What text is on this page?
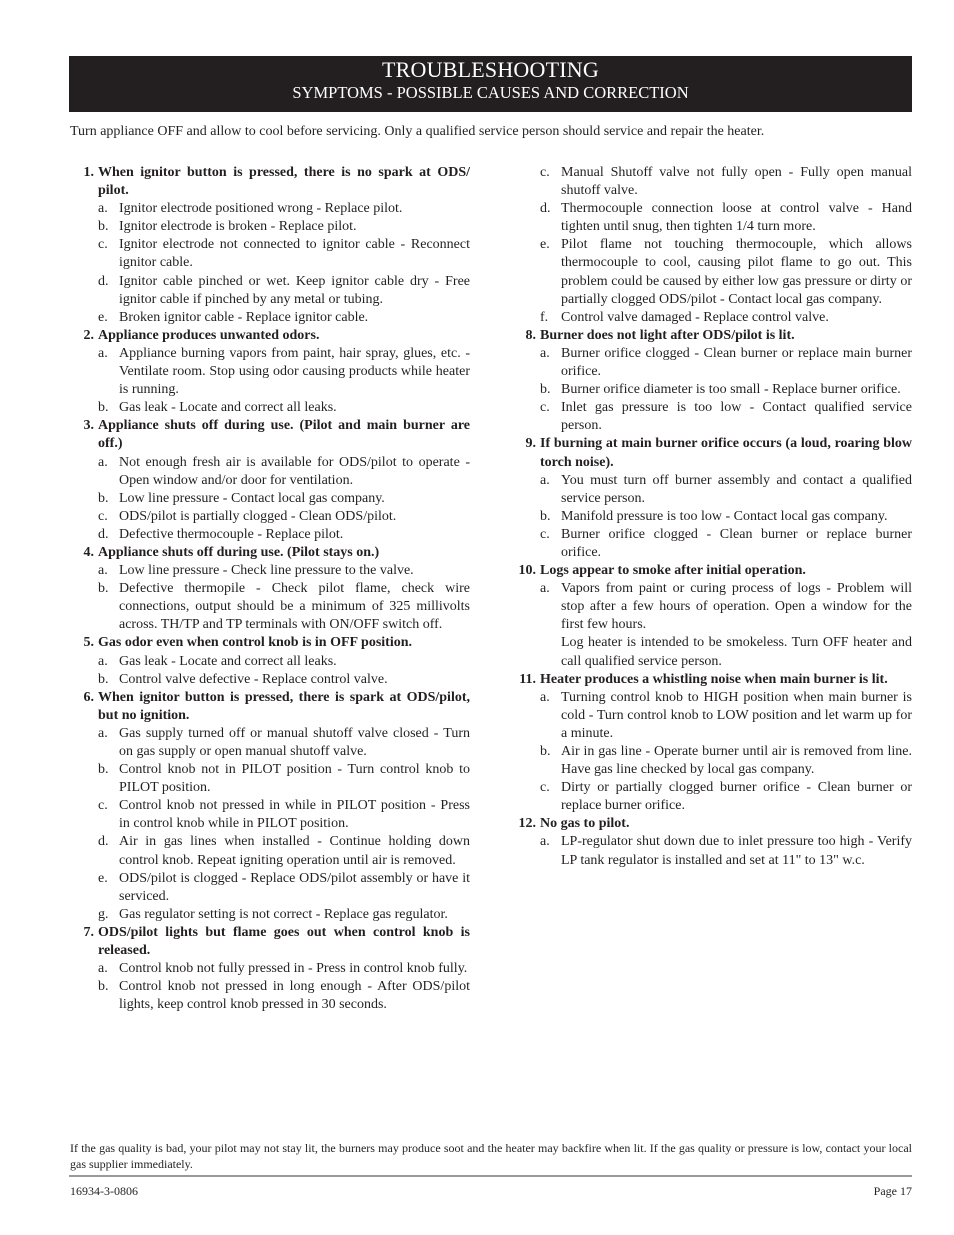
TROUBLESHOOTING
SYMPTOMS - POSSIBLE CAUSES AND CORRECTION
Turn appliance OFF and allow to cool before servicing. Only a qualified service person should service and repair the heater.
1. When ignitor button is pressed, there is no spark at ODS/ pilot.
a. Ignitor electrode positioned wrong - Replace pilot.
b. Ignitor electrode is broken - Replace pilot.
c. Ignitor electrode not connected to ignitor cable - Reconnect ignitor cable.
d. Ignitor cable pinched or wet. Keep ignitor cable dry - Free ignitor cable if pinched by any metal or tubing.
e. Broken ignitor cable - Replace ignitor cable.
2. Appliance produces unwanted odors.
a. Appliance burning vapors from paint, hair spray, glues, etc. - Ventilate room. Stop using odor causing products while heater is running.
b. Gas leak - Locate and correct all leaks.
3. Appliance shuts off during use. (Pilot and main burner are off.)
a. Not enough fresh air is available for ODS/pilot to operate - Open window and/or door for ventilation.
b. Low line pressure - Contact local gas company.
c. ODS/pilot is partially clogged - Clean ODS/pilot.
d. Defective thermocouple - Replace pilot.
4. Appliance shuts off during use. (Pilot stays on.)
a. Low line pressure - Check line pressure to the valve.
b. Defective thermopile - Check pilot flame, check wire connections, output should be a minimum of 325 millivolts across. TH/TP and TP terminals with ON/OFF switch off.
5. Gas odor even when control knob is in OFF position.
a. Gas leak - Locate and correct all leaks.
b. Control valve defective - Replace control valve.
6. When ignitor button is pressed, there is spark at ODS/pilot, but no ignition.
a. Gas supply turned off or manual shutoff valve closed - Turn on gas supply or open manual shutoff valve.
b. Control knob not in PILOT position - Turn control knob to PILOT position.
c. Control knob not pressed in while in PILOT position - Press in control knob while in PILOT position.
d. Air in gas lines when installed - Continue holding down control knob. Repeat igniting operation until air is removed.
e. ODS/pilot is clogged - Replace ODS/pilot assembly or have it serviced.
g. Gas regulator setting is not correct - Replace gas regulator.
7. ODS/pilot lights but flame goes out when control knob is released.
a. Control knob not fully pressed in - Press in control knob fully.
b. Control knob not pressed in long enough - After ODS/pilot lights, keep control knob pressed in 30 seconds.
c. Manual Shutoff valve not fully open - Fully open manual shutoff valve.
d. Thermocouple connection loose at control valve - Hand tighten until snug, then tighten 1/4 turn more.
e. Pilot flame not touching thermocouple, which allows thermocouple to cool, causing pilot flame to go out. This problem could be caused by either low gas pressure or dirty or partially clogged ODS/pilot - Contact local gas company.
f. Control valve damaged - Replace control valve.
8. Burner does not light after ODS/pilot is lit.
a. Burner orifice clogged - Clean burner or replace main burner orifice.
b. Burner orifice diameter is too small - Replace burner orifice.
c. Inlet gas pressure is too low - Contact qualified service person.
9. If burning at main burner orifice occurs (a loud, roaring blow torch noise).
a. You must turn off burner assembly and contact a qualified service person.
b. Manifold pressure is too low - Contact local gas company.
c. Burner orifice clogged - Clean burner or replace burner orifice.
10. Logs appear to smoke after initial operation.
a. Vapors from paint or curing process of logs - Problem will stop after a few hours of operation. Open a window for the first few hours.
Log heater is intended to be smokeless. Turn OFF heater and call qualified service person.
11. Heater produces a whistling noise when main burner is lit.
a. Turning control knob to HIGH position when main burner is cold - Turn control knob to LOW position and let warm up for a minute.
b. Air in gas line - Operate burner until air is removed from line. Have gas line checked by local gas company.
c. Dirty or partially clogged burner orifice - Clean burner or replace burner orifice.
12. No gas to pilot.
a. LP-regulator shut down due to inlet pressure too high - Verify LP tank regulator is installed and set at 11" to 13" w.c.
If the gas quality is bad, your pilot may not stay lit, the burners may produce soot and the heater may backfire when lit. If the gas quality or pressure is low, contact your local gas supplier immediately.
16934-3-0806	Page 17
